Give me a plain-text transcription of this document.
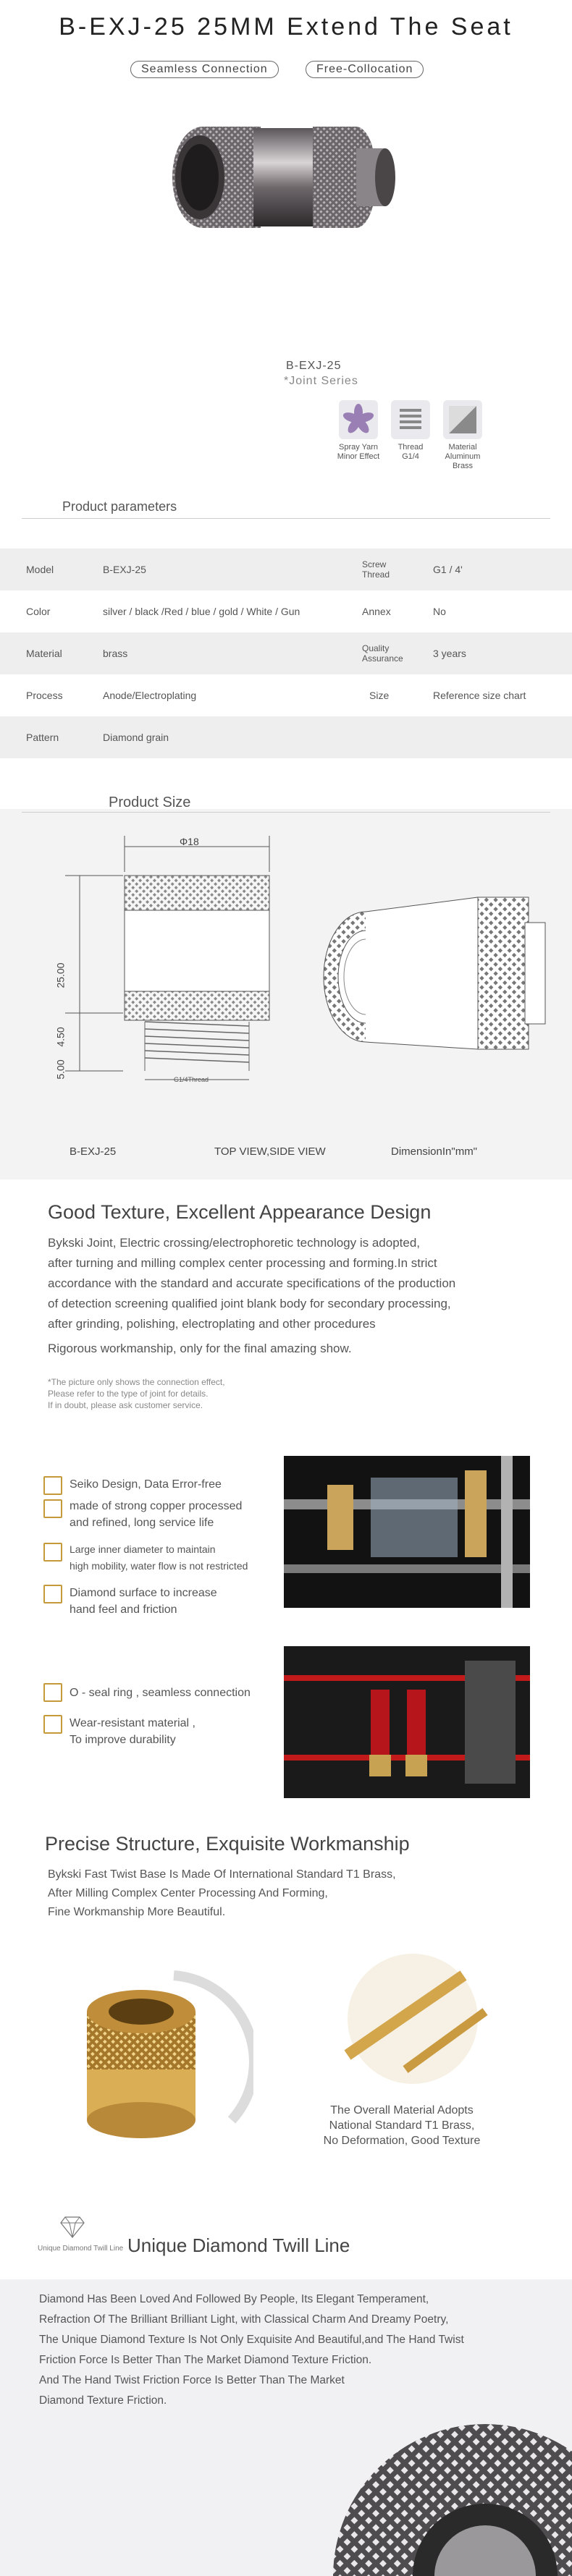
B-EXJ-25 25MM Extend The Seat
Seamless Connection	Free-Collocation
B-EXJ-25
*Joint Series
Spray Yarn Minor Effect
Thread G1/4
Material Aluminum Brass
Product parameters
Model	B-EXJ-25	Screw Thread	G1 / 4'
Color	silver / black /Red / blue / gold / White / Gun	Annex	No
Material	brass	Quality Assurance	3 years
Process	Anode/Electroplating	Size	Reference size chart
Pattern	Diamond grain
Product Size
Φ18
25.00
4.50
5.00
G1/4Thread
B-EXJ-25	TOP VIEW,SIDE VIEW	DimensionIn"mm"
Good Texture, Excellent Appearance Design
Bykski Joint, Electric crossing/electrophoretic technology is adopted,
after turning and milling complex center processing and forming.In strict
accordance with the standard and accurate specifications of the production
of detection screening qualified joint blank body for secondary processing,
after grinding, polishing, electroplating and other procedures
Rigorous workmanship, only for the final amazing show.
*The picture only shows the connection effect,
Please refer to the type of joint for details.
If in doubt, please ask customer service.
Seiko Design, Data Error-free
made of strong copper processed
and refined, long service life
Large inner diameter to maintain
high mobility, water flow is not restricted
Diamond surface to increase
hand feel and friction
O - seal ring , seamless connection
Wear-resistant material ,
To improve durability
Precise Structure, Exquisite Workmanship
Bykski Fast Twist Base Is Made Of International Standard T1 Brass,
After Milling Complex Center Processing And Forming,
Fine Workmanship More Beautiful.
The Overall Material Adopts
National Standard T1 Brass,
No Deformation, Good Texture
Unique Diamond Twill Line Unique Diamond Twill Line
Diamond Has Been Loved And Followed By People, Its Elegant Temperament,
Refraction Of The Brilliant Brilliant Light, with Classical Charm And Dreamy Poetry,
The Unique Diamond Texture Is Not Only Exquisite And Beautiful,and The Hand Twist
Friction Force Is Better Than The Market Diamond Texture Friction.
And The Hand Twist Friction Force Is Better Than The Market
Diamond Texture Friction.
